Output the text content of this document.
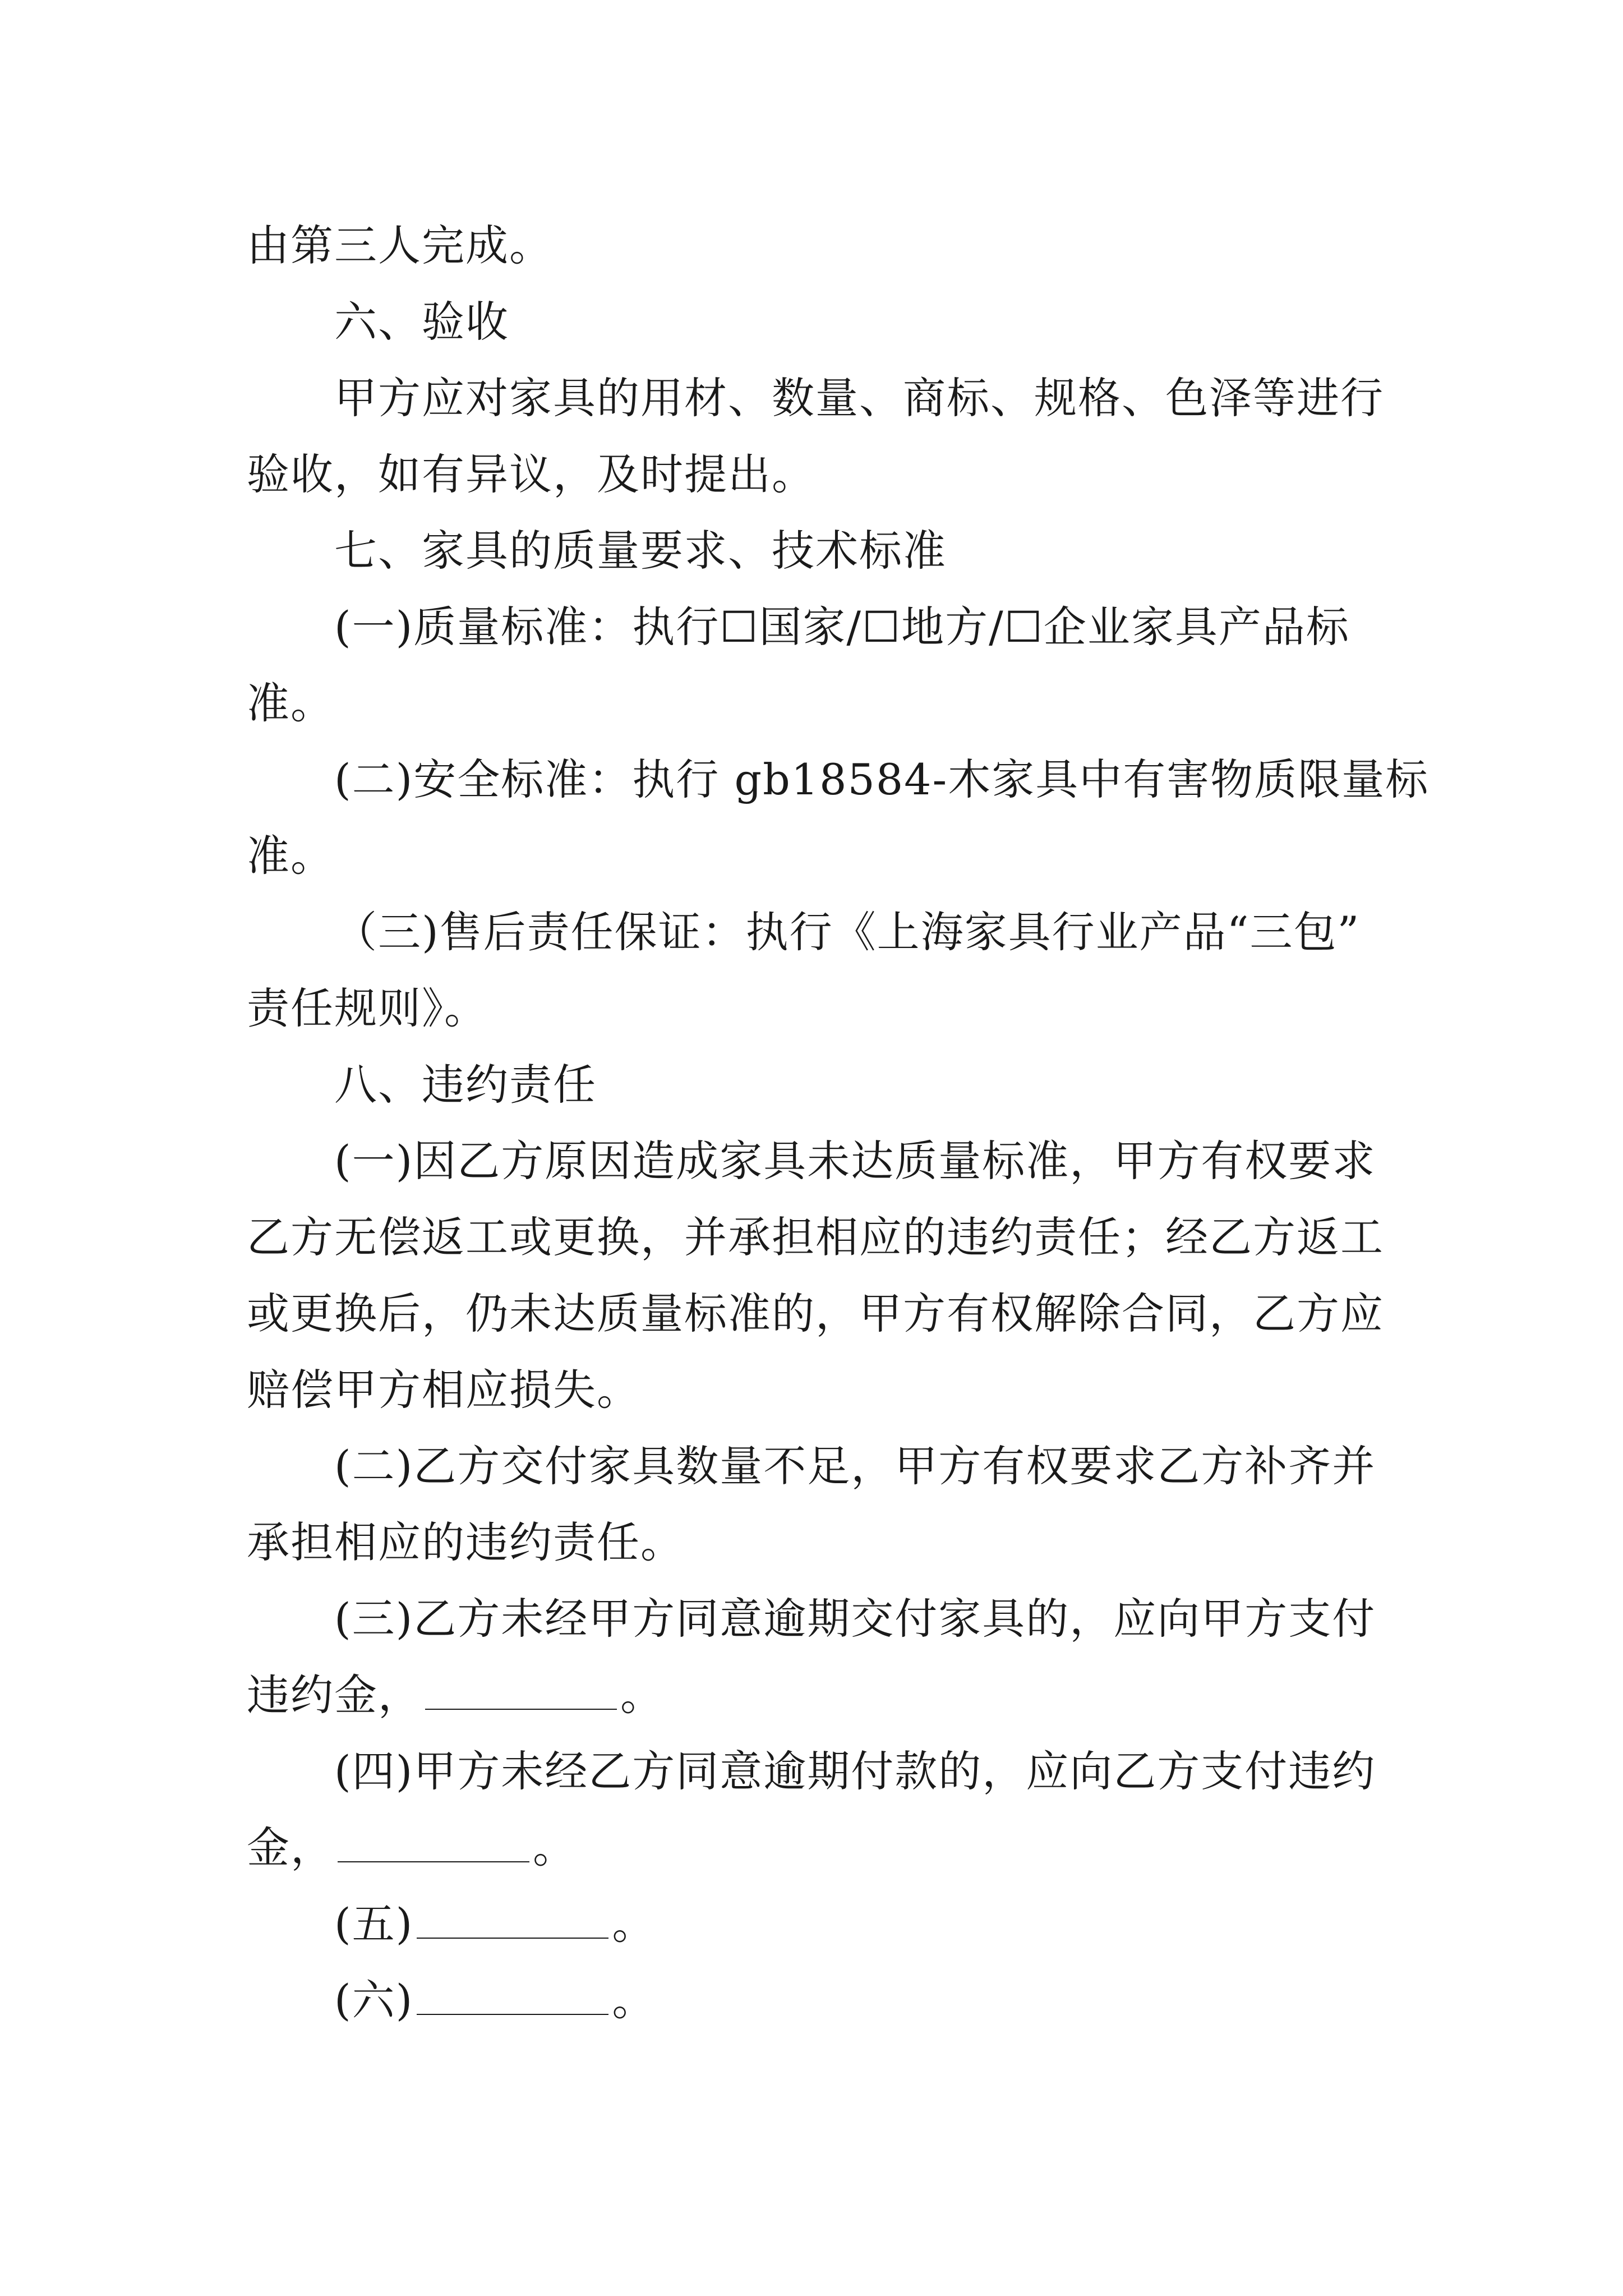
由第三人完成。
六、验收
甲方应对家具的用材、数量、商标、规格、色泽等进行
验收，如有异议，及时提出。
七、家具的质量要求、技术标准
(一)质量标准：执行☐国家/☐地方/☐企业家具产品标
准。
(二)安全标准：执行 gb18584-木家具中有害物质限量标
准。
（三)售后责任保证：执行《上海家具行业产品“三包”
责任规则》。
八、违约责任
(一)因乙方原因造成家具未达质量标准，甲方有权要求
乙方无偿返工或更换，并承担相应的违约责任；经乙方返工
或更换后，仍未达质量标准的，甲方有权解除合同，乙方应
赔偿甲方相应损失。
(二)乙方交付家具数量不足，甲方有权要求乙方补齐并
承担相应的违约责任。
(三)乙方未经甲方同意逾期交付家具的，应向甲方支付
违约金，	。
(四)甲方未经乙方同意逾期付款的，应向乙方支付违约
金，	。
(五)	。
(六)	。
